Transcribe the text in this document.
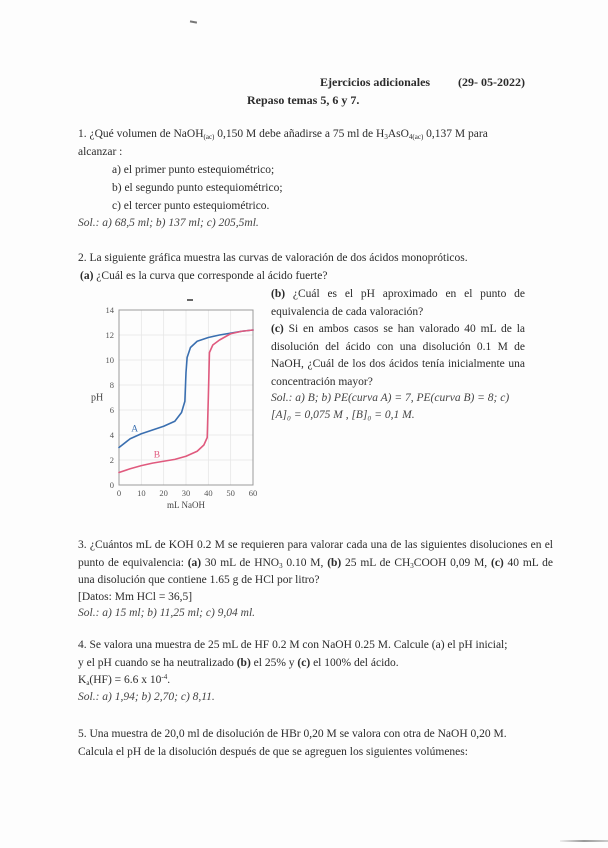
Ejercicios adicionales (29- 05-2022)
Repaso temas 5, 6 y 7.
1. ¿Qué volumen de NaOH$_{(ac)}$ 0,150 M debe añadirse a 75 ml de $H_3AsO_{4(ac)}$ 0,137 M para
alcanzar :
a) el primer punto estequiométrico;
b) el segundo punto estequiométrico;
c) el tercer punto estequiométrico.
Sol.: a) 68,5 ml; b) 137 ml; c) 205,5ml.
2. La siguiente gráfica muestra las curvas de valoración de dos ácidos monopróticos.
(a) ¿Cuál es la curva que corresponde al ácido fuerte?
(b) ¿Cuál es el pH aproximado en el punto de equivalencia de cada valoración?
(c) Si en ambos casos se han valorado 40 mL de la disolución del ácido con una disolución 0.1 M de NaOH, ¿Cuál de los dos ácidos tenía inicialmente una concentración mayor?
Sol.: a) B; b) PE(curva A) = 7, PE(curva B) = 8; c)
[A]₀ = 0,075 M , [B]₀ = 0,1 M.
0 10 20 30 40 50 60
0
2
4
6
8
10
12
14
mL NaOH
pH
A
B
3. ¿Cuántos mL de KOH 0.2 M se requieren para valorar cada una de las siguientes disoluciones en el punto de equivalencia: (a) 30 mL de $HNO_3$ 0.10 M, (b) 25 mL de $CH_3COOH$ 0,09 M, (c) 40 mL de una disolución que contiene 1.65 g de HCl por litro?
[Datos: Mm HCl = 36,5]
Sol.: a) 15 ml; b) 11,25 ml; c) 9,04 ml.
4. Se valora una muestra de 25 mL de HF 0.2 M con NaOH 0.25 M. Calcule (a) el pH inicial;
y el pH cuando se ha neutralizado (b) el 25% y (c) el 100% del ácido.
$K_a(HF) = 6.6$ x $10^{-4}$.
Sol.: a) 1,94; b) 2,70; c) 8,11.
5. Una muestra de 20,0 ml de disolución de HBr 0,20 M se valora con otra de NaOH 0,20 M.
Calcula el pH de la disolución después de que se agreguen los siguientes volúmenes:
